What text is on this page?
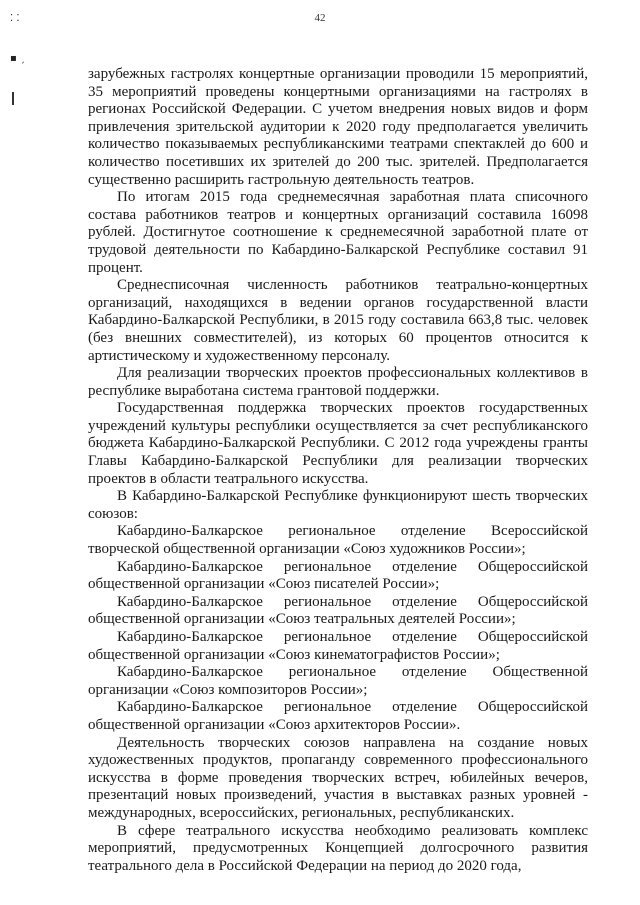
⁚ ⁚
▪ ˏ
42

зарубежных гастролях концертные организации проводили 15 мероприятий, 35 мероприятий проведены концертными организациями на гастролях в регионах Российской Федерации. С учетом внедрения новых видов и форм привлечения зрительской аудитории к 2020 году предполагается увеличить количество показываемых республиканскими театрами спектаклей до 600 и количество посетивших их зрителей до 200 тыс. зрителей. Предполагается существенно расширить гастрольную деятельность театров.

По итогам 2015 года среднемесячная заработная плата списочного состава работников театров и концертных организаций составила 16098 рублей. Достигнутое соотношение к среднемесячной заработной плате от трудовой деятельности по Кабардино-Балкарской Республике составил 91 процент.

Среднесписочная численность работников театрально-концертных организаций, находящихся в ведении органов государственной власти Кабардино-Балкарской Республики, в 2015 году составила 663,8 тыс. человек (без внешних совместителей), из которых 60 процентов относится к артистическому и художественному персоналу.

Для реализации творческих проектов профессиональных коллективов в республике выработана система грантовой поддержки.

Государственная поддержка творческих проектов государственных учреждений культуры республики осуществляется за счет республиканского бюджета Кабардино-Балкарской Республики. С 2012 года учреждены гранты Главы Кабардино-Балкарской Республики для реализации творческих проектов в области театрального искусства.

В Кабардино-Балкарской Республике функционируют шесть творческих союзов:

Кабардино-Балкарское региональное отделение Всероссийской творческой общественной организации «Союз художников России»;

Кабардино-Балкарское региональное отделение Общероссийской общественной организации «Союз писателей России»;

Кабардино-Балкарское региональное отделение Общероссийской общественной организации «Союз театральных деятелей России»;

Кабардино-Балкарское региональное отделение Общероссийской общественной организации «Союз кинематографистов России»;

Кабардино-Балкарское региональное отделение Общественной организации «Союз композиторов России»;

Кабардино-Балкарское региональное отделение Общероссийской общественной организации «Союз архитекторов России».

Деятельность творческих союзов направлена на создание новых художественных продуктов, пропаганду современного профессионального искусства в форме проведения творческих встреч, юбилейных вечеров, презентаций новых произведений, участия в выставках разных уровней - международных, всероссийских, региональных, республиканских.

В сфере театрального искусства необходимо реализовать комплекс мероприятий, предусмотренных Концепцией долгосрочного развития театрального дела в Российской Федерации на период до 2020 года,
